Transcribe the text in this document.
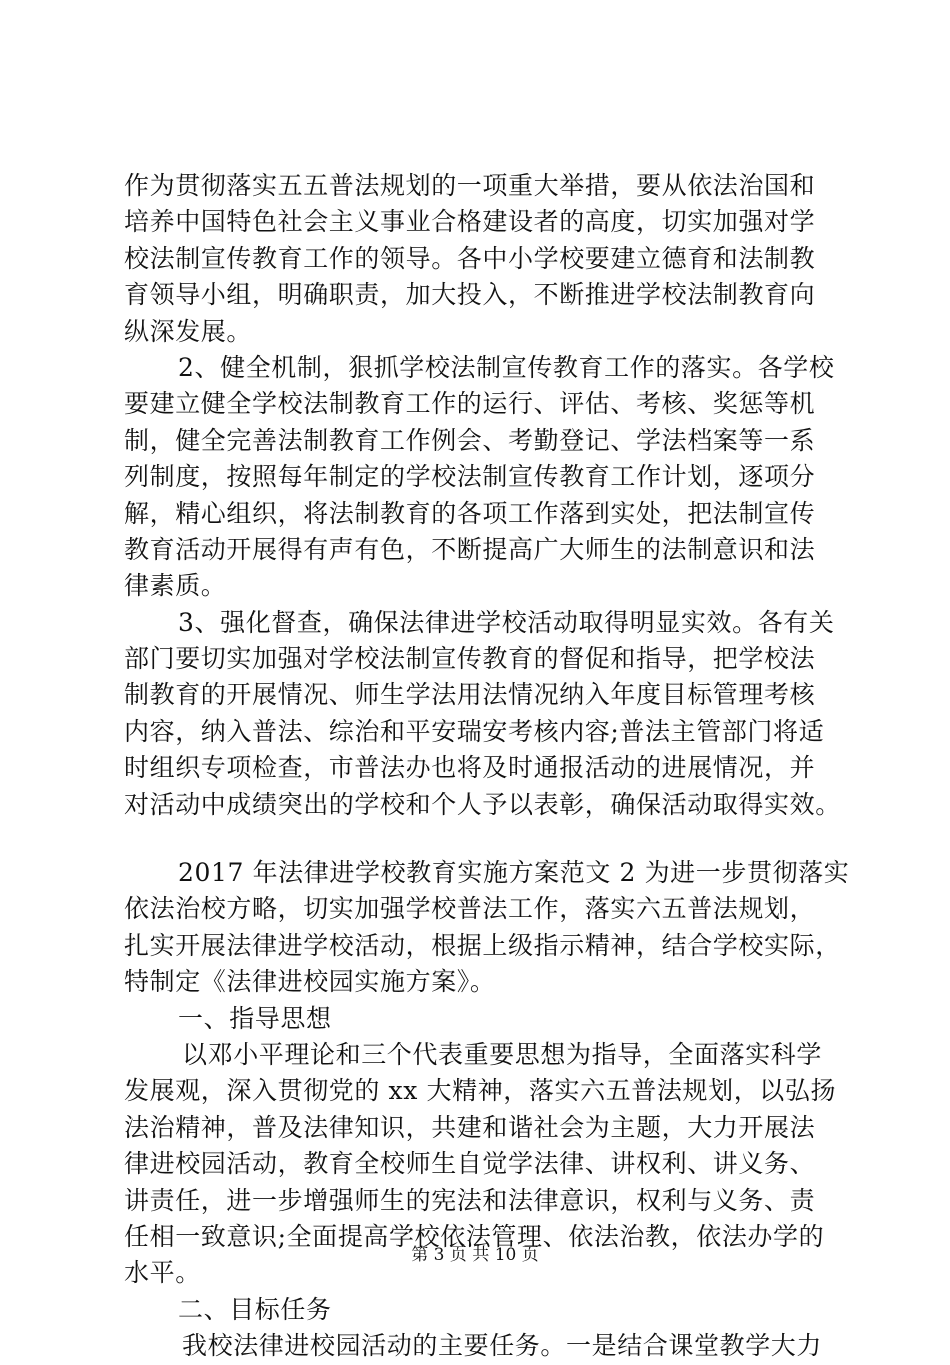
作为贯彻落实五五普法规划的一项重大举措，要从依法治国和
培养中国特色社会主义事业合格建设者的高度，切实加强对学
校法制宣传教育工作的领导。各中小学校要建立德育和法制教
育领导小组，明确职责，加大投入，不断推进学校法制教育向
纵深发展。
2、健全机制，狠抓学校法制宣传教育工作的落实。各学校
要建立健全学校法制教育工作的运行、评估、考核、奖惩等机
制，健全完善法制教育工作例会、考勤登记、学法档案等一系
列制度，按照每年制定的学校法制宣传教育工作计划，逐项分
解，精心组织，将法制教育的各项工作落到实处，把法制宣传
教育活动开展得有声有色，不断提高广大师生的法制意识和法
律素质。
3、强化督查，确保法律进学校活动取得明显实效。各有关
部门要切实加强对学校法制宣传教育的督促和指导，把学校法
制教育的开展情况、师生学法用法情况纳入年度目标管理考核
内容，纳入普法、综治和平安瑞安考核内容;普法主管部门将适
时组织专项检查，市普法办也将及时通报活动的进展情况，并
对活动中成绩突出的学校和个人予以表彰，确保活动取得实效。
2017 年法律进学校教育实施方案范文 2 为进一步贯彻落实
依法治校方略，切实加强学校普法工作，落实六五普法规划，
扎实开展法律进学校活动，根据上级指示精神，结合学校实际，
特制定《法律进校园实施方案》。
一、指导思想
以邓小平理论和三个代表重要思想为指导，全面落实科学
发展观，深入贯彻党的 xx 大精神，落实六五普法规划，以弘扬
法治精神，普及法律知识，共建和谐社会为主题，大力开展法
律进校园活动，教育全校师生自觉学法律、讲权利、讲义务、
讲责任，进一步增强师生的宪法和法律意识，权利与义务、责
任相一致意识;全面提高学校依法管理、依法治教，依法办学的
水平。
二、目标任务
我校法律进校园活动的主要任务。一是结合课堂教学大力
第 3 页 共 10 页
